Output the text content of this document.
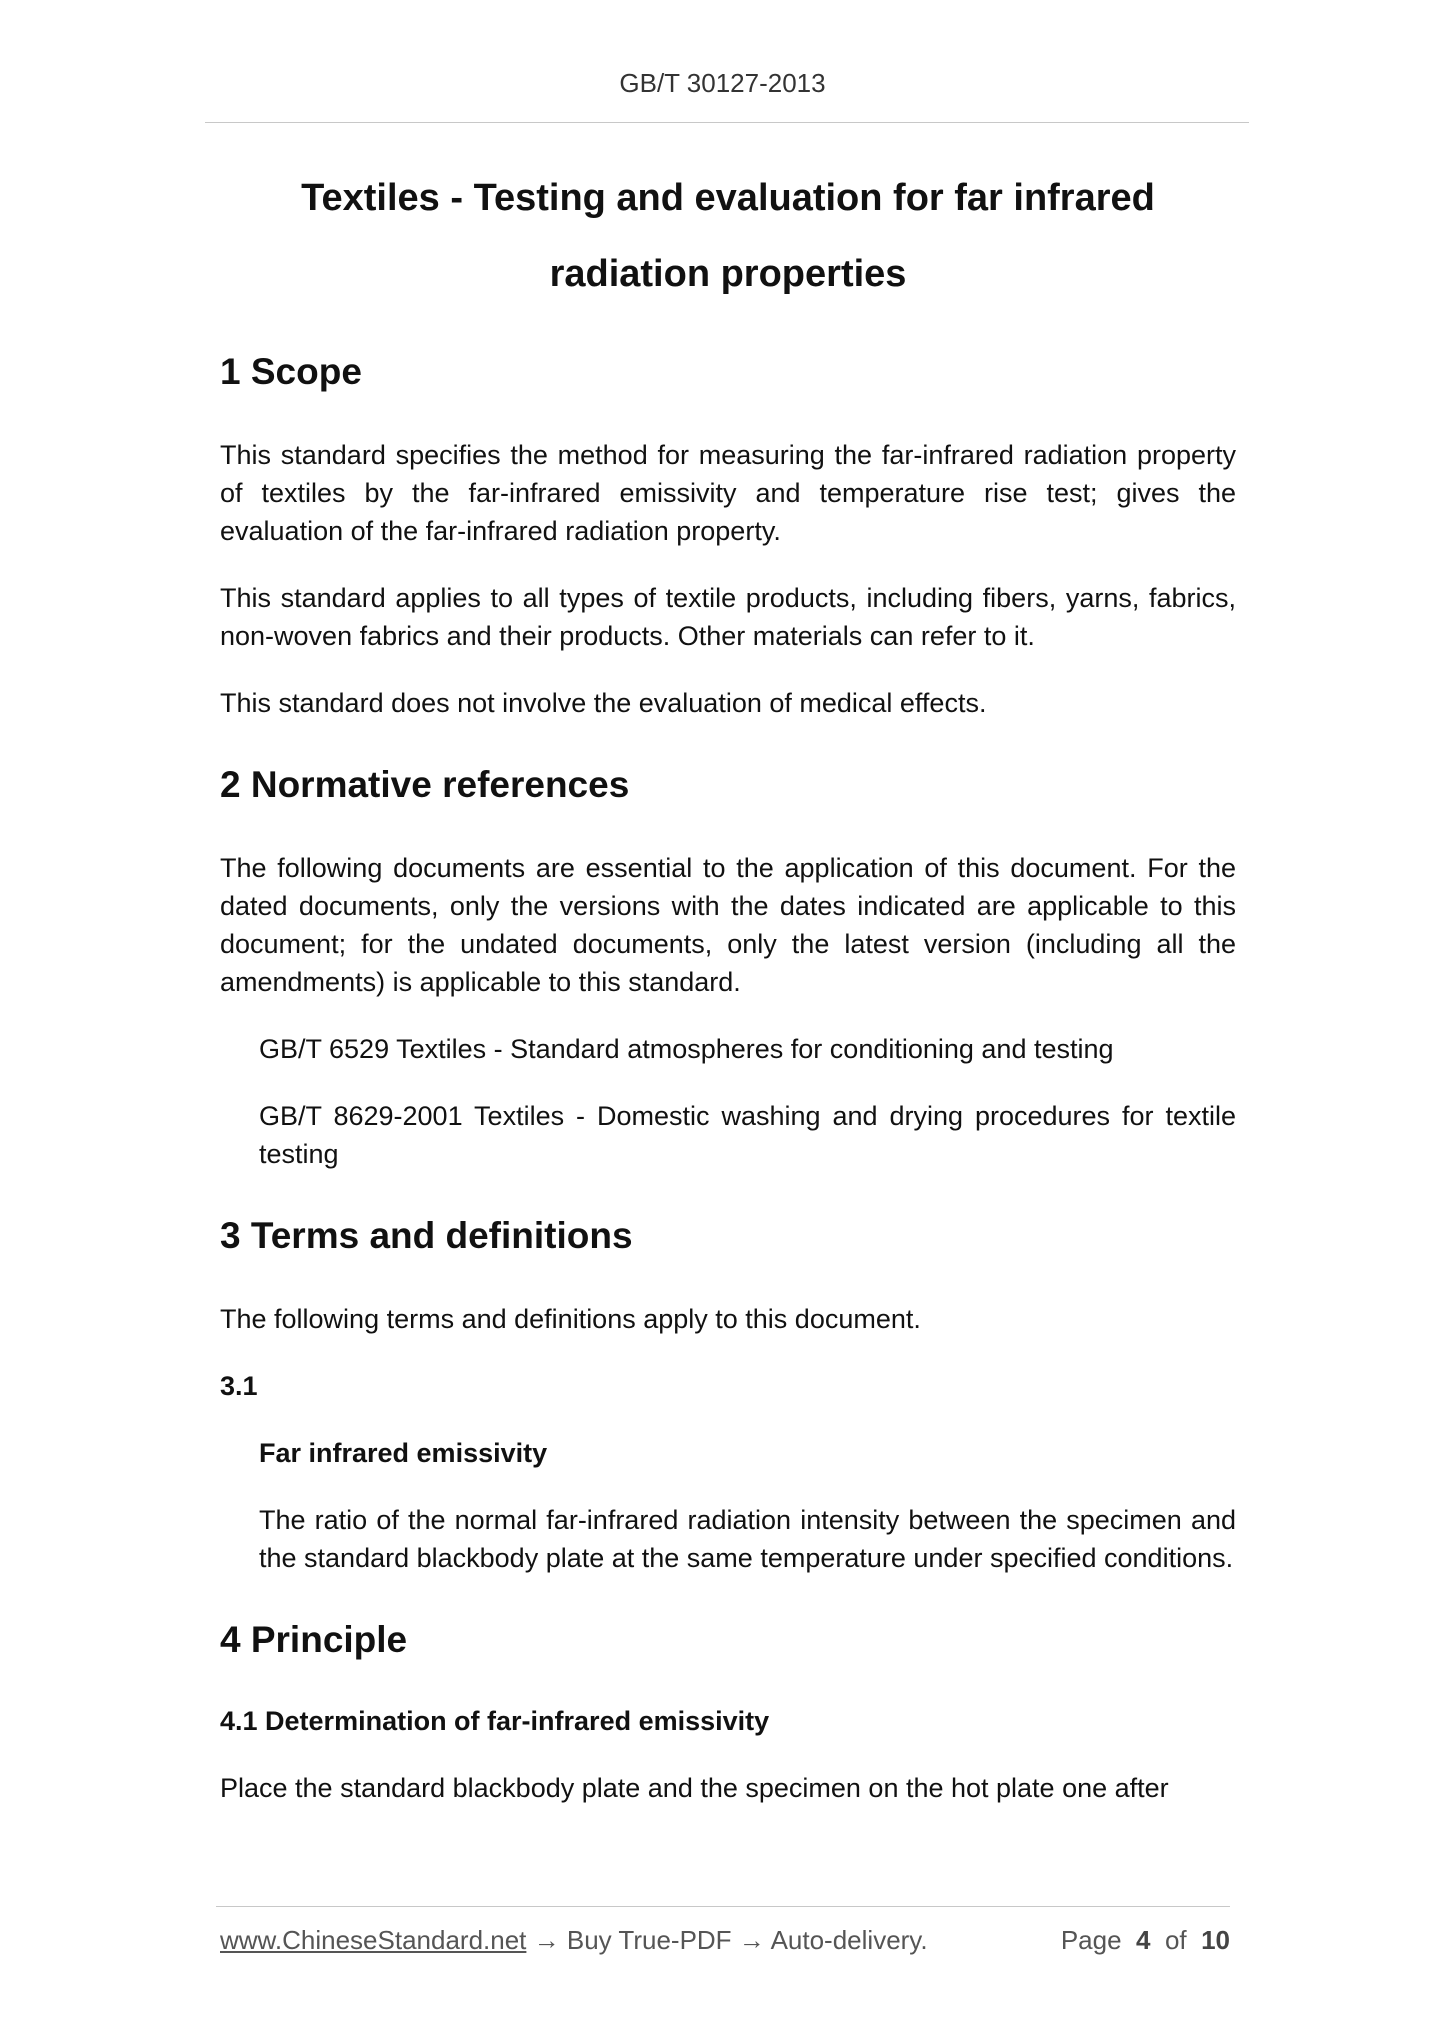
GB/T 30127-2013
Textiles - Testing and evaluation for far infrared
radiation properties
1 Scope

This standard specifies the method for measuring the far-infrared radiation property of textiles by the far-infrared emissivity and temperature rise test; gives the evaluation of the far-infrared radiation property.

This standard applies to all types of textile products, including fibers, yarns, fabrics, non-woven fabrics and their products. Other materials can refer to it.

This standard does not involve the evaluation of medical effects.

2 Normative references

The following documents are essential to the application of this document. For the dated documents, only the versions with the dates indicated are applicable to this document; for the undated documents, only the latest version (including all the amendments) is applicable to this standard.

GB/T 6529 Textiles - Standard atmospheres for conditioning and testing

GB/T 8629-2001 Textiles - Domestic washing and drying procedures for textile testing

3 Terms and definitions

The following terms and definitions apply to this document.

3.1

Far infrared emissivity

The ratio of the normal far-infrared radiation intensity between the specimen and the standard blackbody plate at the same temperature under specified conditions.

4 Principle

4.1 Determination of far-infrared emissivity

Place the standard blackbody plate and the specimen on the hot plate one after

www.ChineseStandard.net → Buy True-PDF → Auto-delivery.	Page 4 of 10
